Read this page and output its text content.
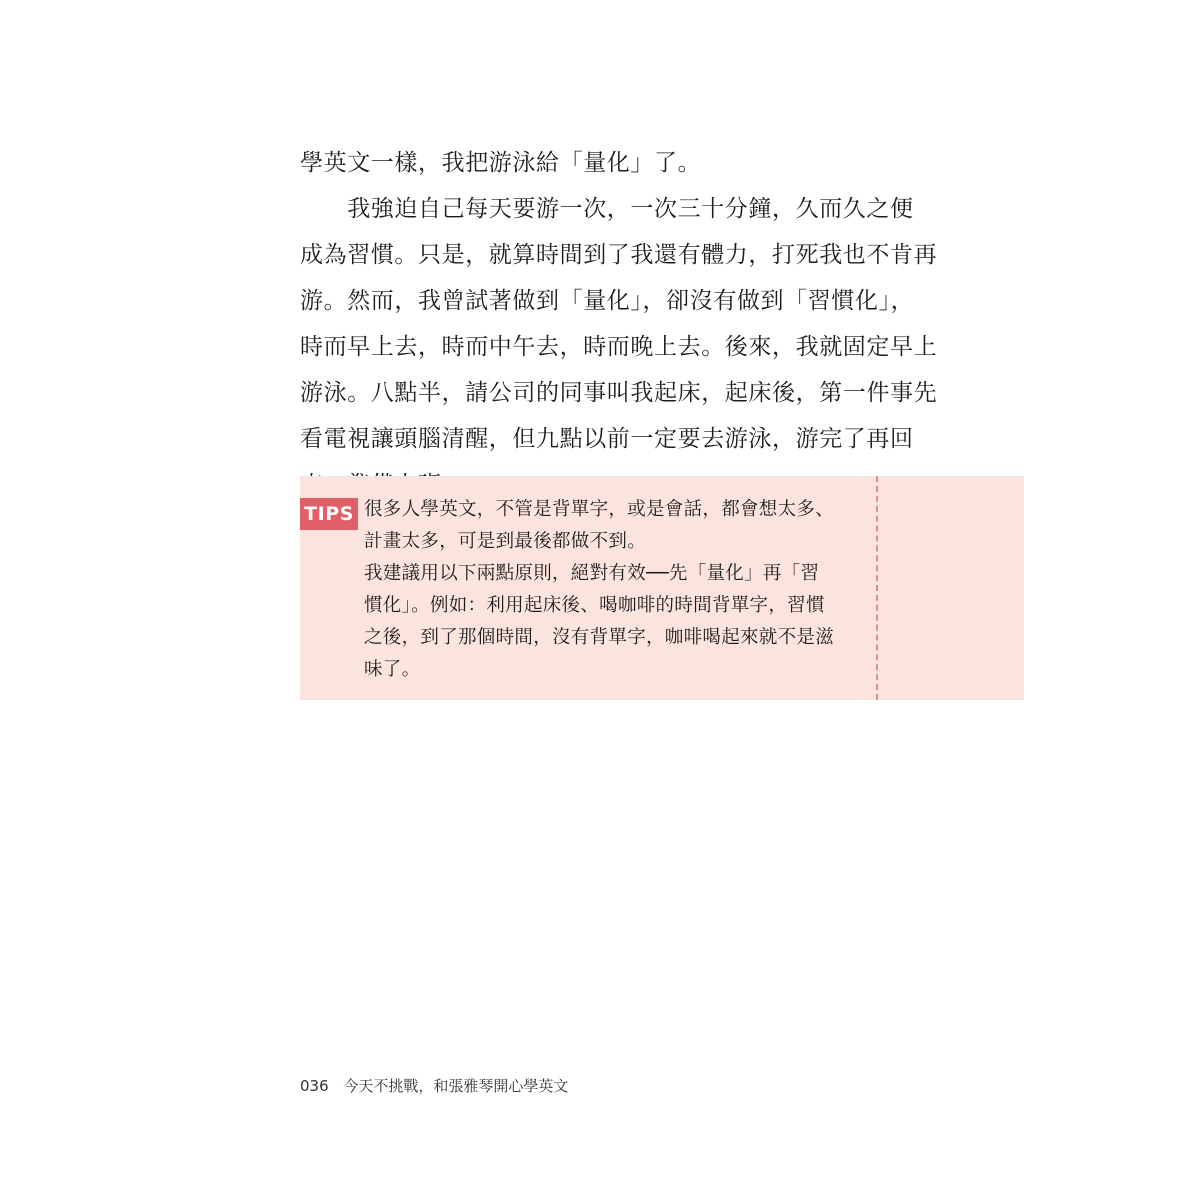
學英文一樣，我把游泳給「量化」了。
　　我強迫自己每天要游一次，一次三十分鐘，久而久之便
成為習慣。只是，就算時間到了我還有體力，打死我也不肯再
游。然而，我曾試著做到「量化」，卻沒有做到「習慣化」，
時而早上去，時而中午去，時而晚上去。後來，我就固定早上
游泳。八點半，請公司的同事叫我起床，起床後，第一件事先
看電視讓頭腦清醒，但九點以前一定要去游泳，游完了再回
TIPS 很多人學英文，不管是背單字，或是會話，都會想太多、
計畫太多，可是到最後都做不到。
我建議用以下兩點原則，絕對有效──先「量化」再「習
慣化」。例如：利用起床後、喝咖啡的時間背單字，習慣
之後，到了那個時間，沒有背單字，咖啡喝起來就不是滋
味了。
036 今天不挑戰，和張雅琴開心學英文
